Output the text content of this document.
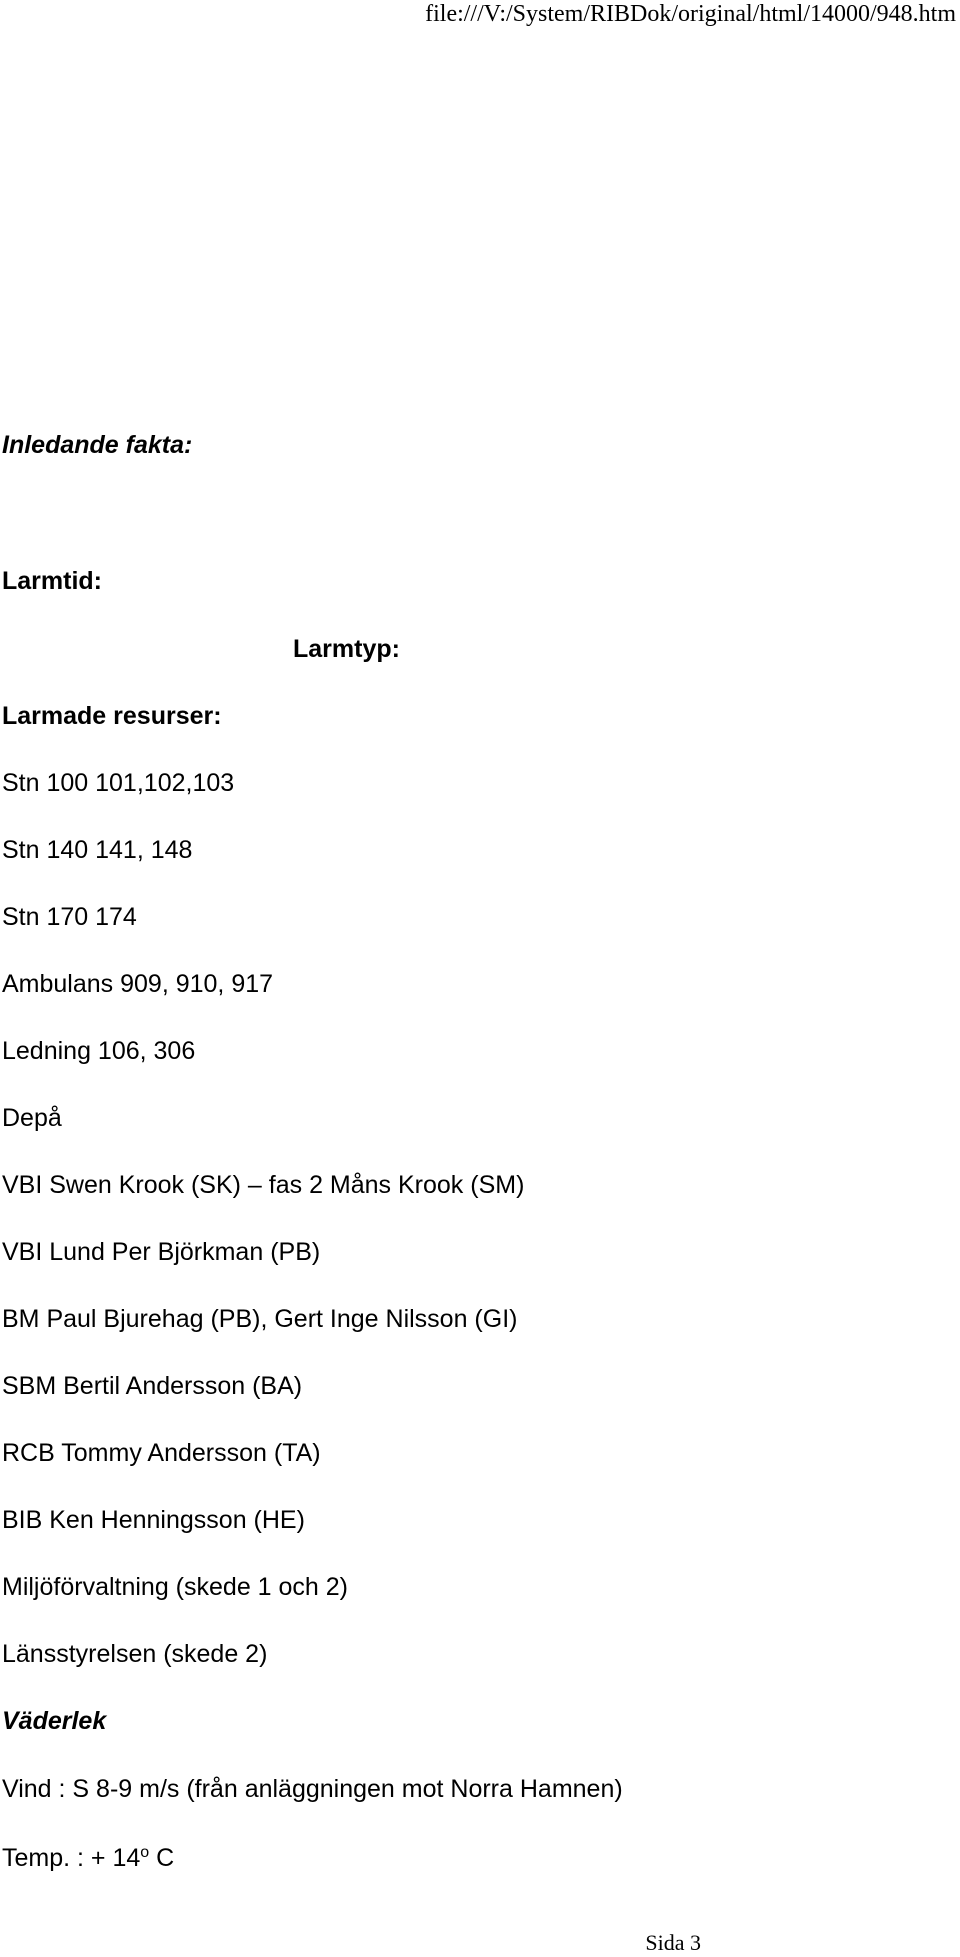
file:///V:/System/RIBDok/original/html/14000/948.htm
Inledande fakta:
Larmtid:
Larmtyp:
Larmade resurser:
Stn 100 101,102,103
Stn 140 141, 148
Stn 170 174
Ambulans 909, 910, 917
Ledning 106, 306
Depå
VBI Swen Krook (SK) – fas 2 Måns Krook (SM)
VBI Lund Per Björkman (PB)
BM Paul Bjurehag (PB), Gert Inge Nilsson (GI)
SBM Bertil Andersson (BA)
RCB Tommy Andersson (TA)
BIB Ken Henningsson (HE)
Miljöförvaltning (skede 1 och 2)
Länsstyrelsen (skede 2)
Väderlek
Vind : S 8-9 m/s (från anläggningen mot Norra Hamnen)
Temp. : + $14^o$ C
Sida 3
